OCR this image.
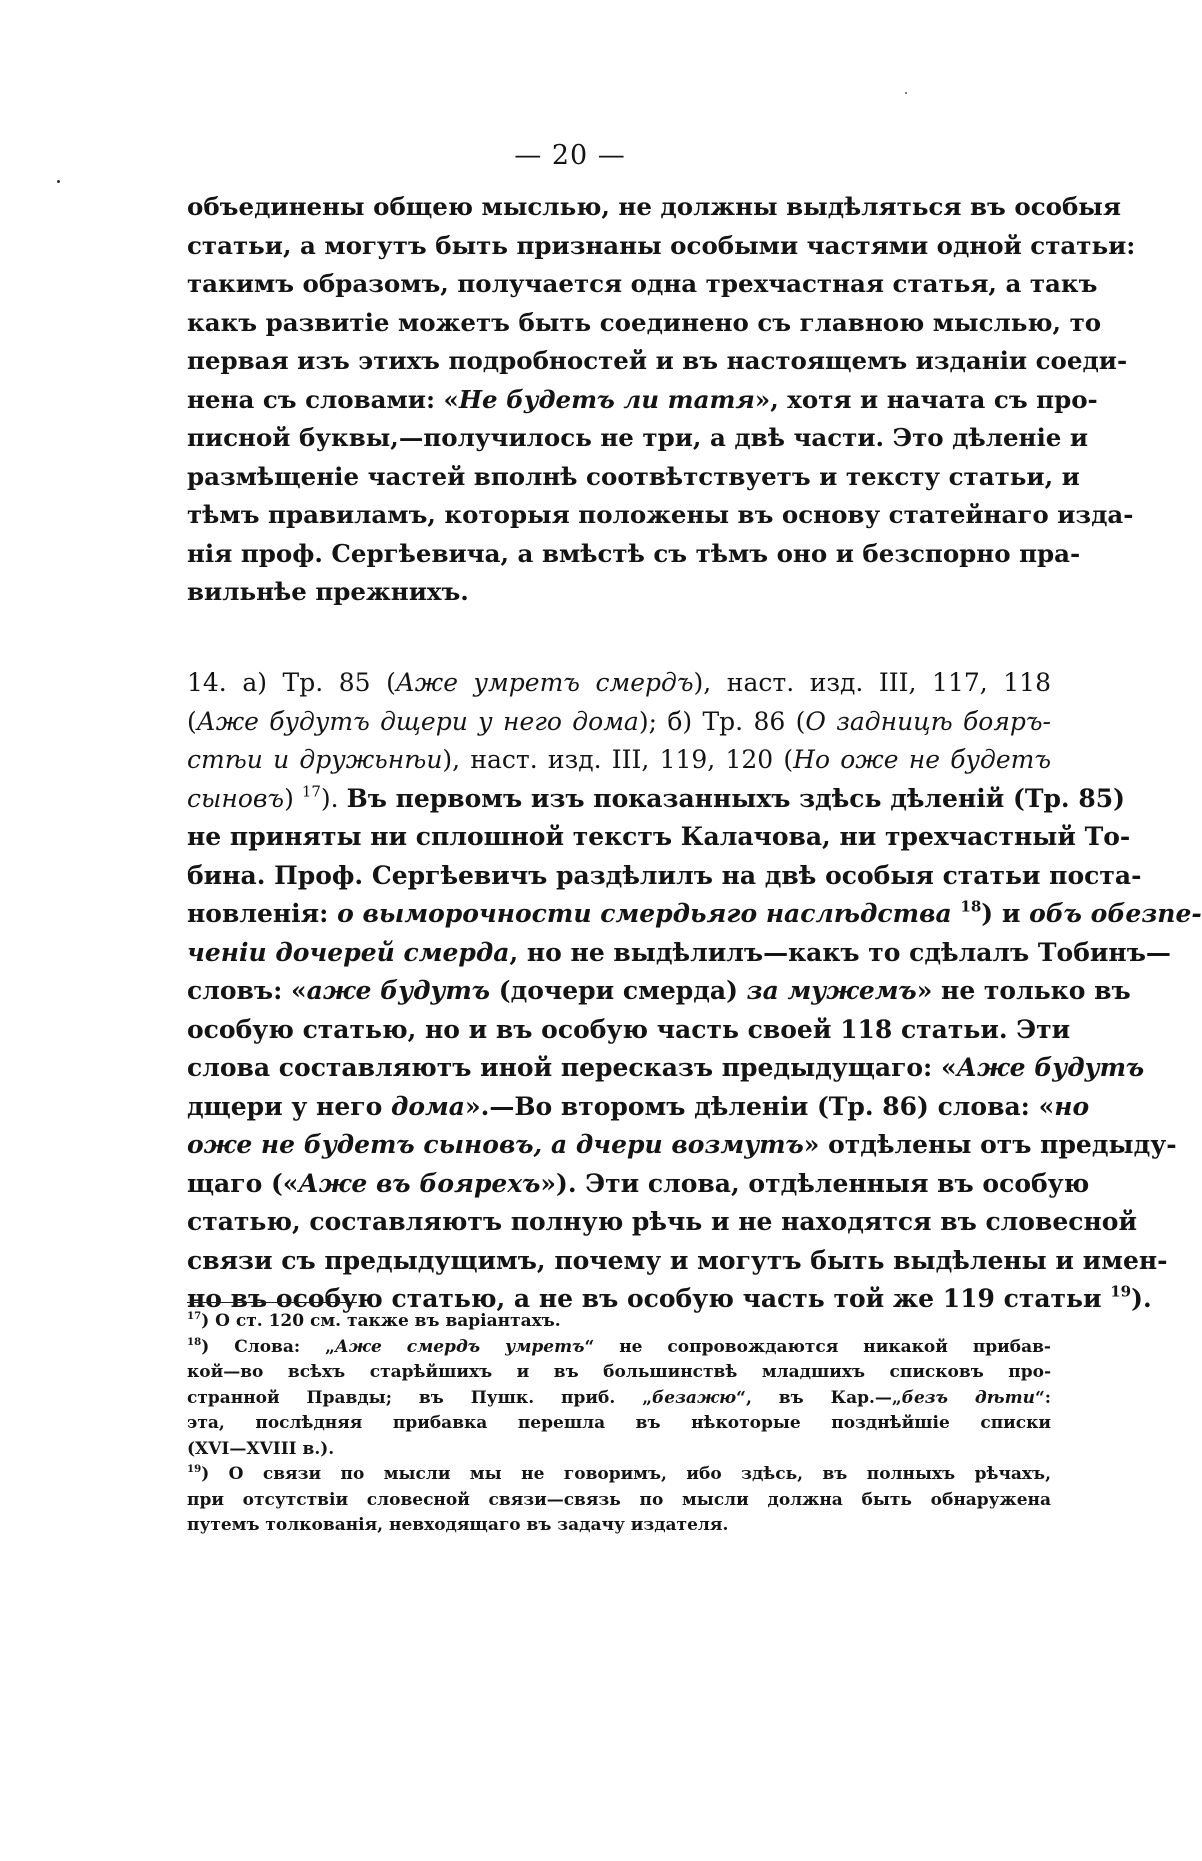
— 20 —
объединены общею мыслью, не должны выдѣляться въ особыя
статьи, а могутъ быть признаны особыми частями одной статьи:
такимъ образомъ, получается одна трехчастная статья, а такъ
какъ развитіе можетъ быть соединено съ главною мыслью, то
первая изъ этихъ подробностей и въ настоящемъ изданіи соеди-
нена съ словами: «Не будетъ ли татя», хотя и начата съ про-
писной буквы,—получилось не три, а двѣ части. Это дѣленіе и
размѣщеніе частей вполнѣ соотвѣтствуетъ и тексту статьи, и
тѣмъ правиламъ, которыя положены въ основу статейнаго изда-
нія проф. Сергѣевича, а вмѣстѣ съ тѣмъ оно и безспорно пра-
вильнѣе прежнихъ.
14. а) Тр. 85 (Аже умретъ смердъ), наст. изд. III, 117, 118
(Аже будутъ дщери у него дома); б) Тр. 86 (О задницѣ бояръ-
стѣи и дружьнѣи), наст. изд. III, 119, 120 (Но оже не будетъ
сыновъ) $^{17}$). Въ первомъ изъ показанныхъ здѣсь дѣленій (Тр. 85)
не приняты ни сплошной текстъ Калачова, ни трехчастный То-
бина. Проф. Сергѣевичъ раздѣлилъ на двѣ особыя статьи поста-
новленія: о выморочности смердьяго наслѣдства $^{18}$) и объ обезпе-
ченіи дочерей смерда, но не выдѣлилъ—какъ то сдѣлалъ Тобинъ—
словъ: «аже будутъ (дочери смерда) за мужемъ» не только въ
особую статью, но и въ особую часть своей 118 статьи. Эти
слова составляютъ иной пересказъ предыдущаго: «Аже будутъ
дщери у него дома».—Во второмъ дѣленіи (Тр. 86) слова: «но
оже не будетъ сыновъ, а дчери возмутъ» отдѣлены отъ предыду-
щаго («Аже въ боярехъ»). Эти слова, отдѣленныя въ особую
статью, составляютъ полную рѣчь и не находятся въ словесной
связи съ предыдущимъ, почему и могутъ быть выдѣлены и имен-
но въ особую статью, а не въ особую часть той же 119 статьи $^{19}$).
$^{17}$) О ст. 120 см. также въ варіантахъ.
$^{18}$) Слова: „Аже смердъ умретъ“ не сопровождаются никакой прибав-
кой—во всѣхъ старѣйшихъ и въ большинствѣ младшихъ списковъ про-
странной Правды; въ Пушк. приб. „безажю“, въ Кар.—„безъ дѣти“:
эта, послѣдняя прибавка перешла въ нѣкоторые позднѣйшіе списки
(XVI—XVIII в.).
$^{19}$) О связи по мысли мы не говоримъ, ибо здѣсь, въ полныхъ рѣчахъ,
при отсутствіи словесной связи—связь по мысли должна быть обнаружена
путемъ толкованія, невходящаго въ задачу издателя.
